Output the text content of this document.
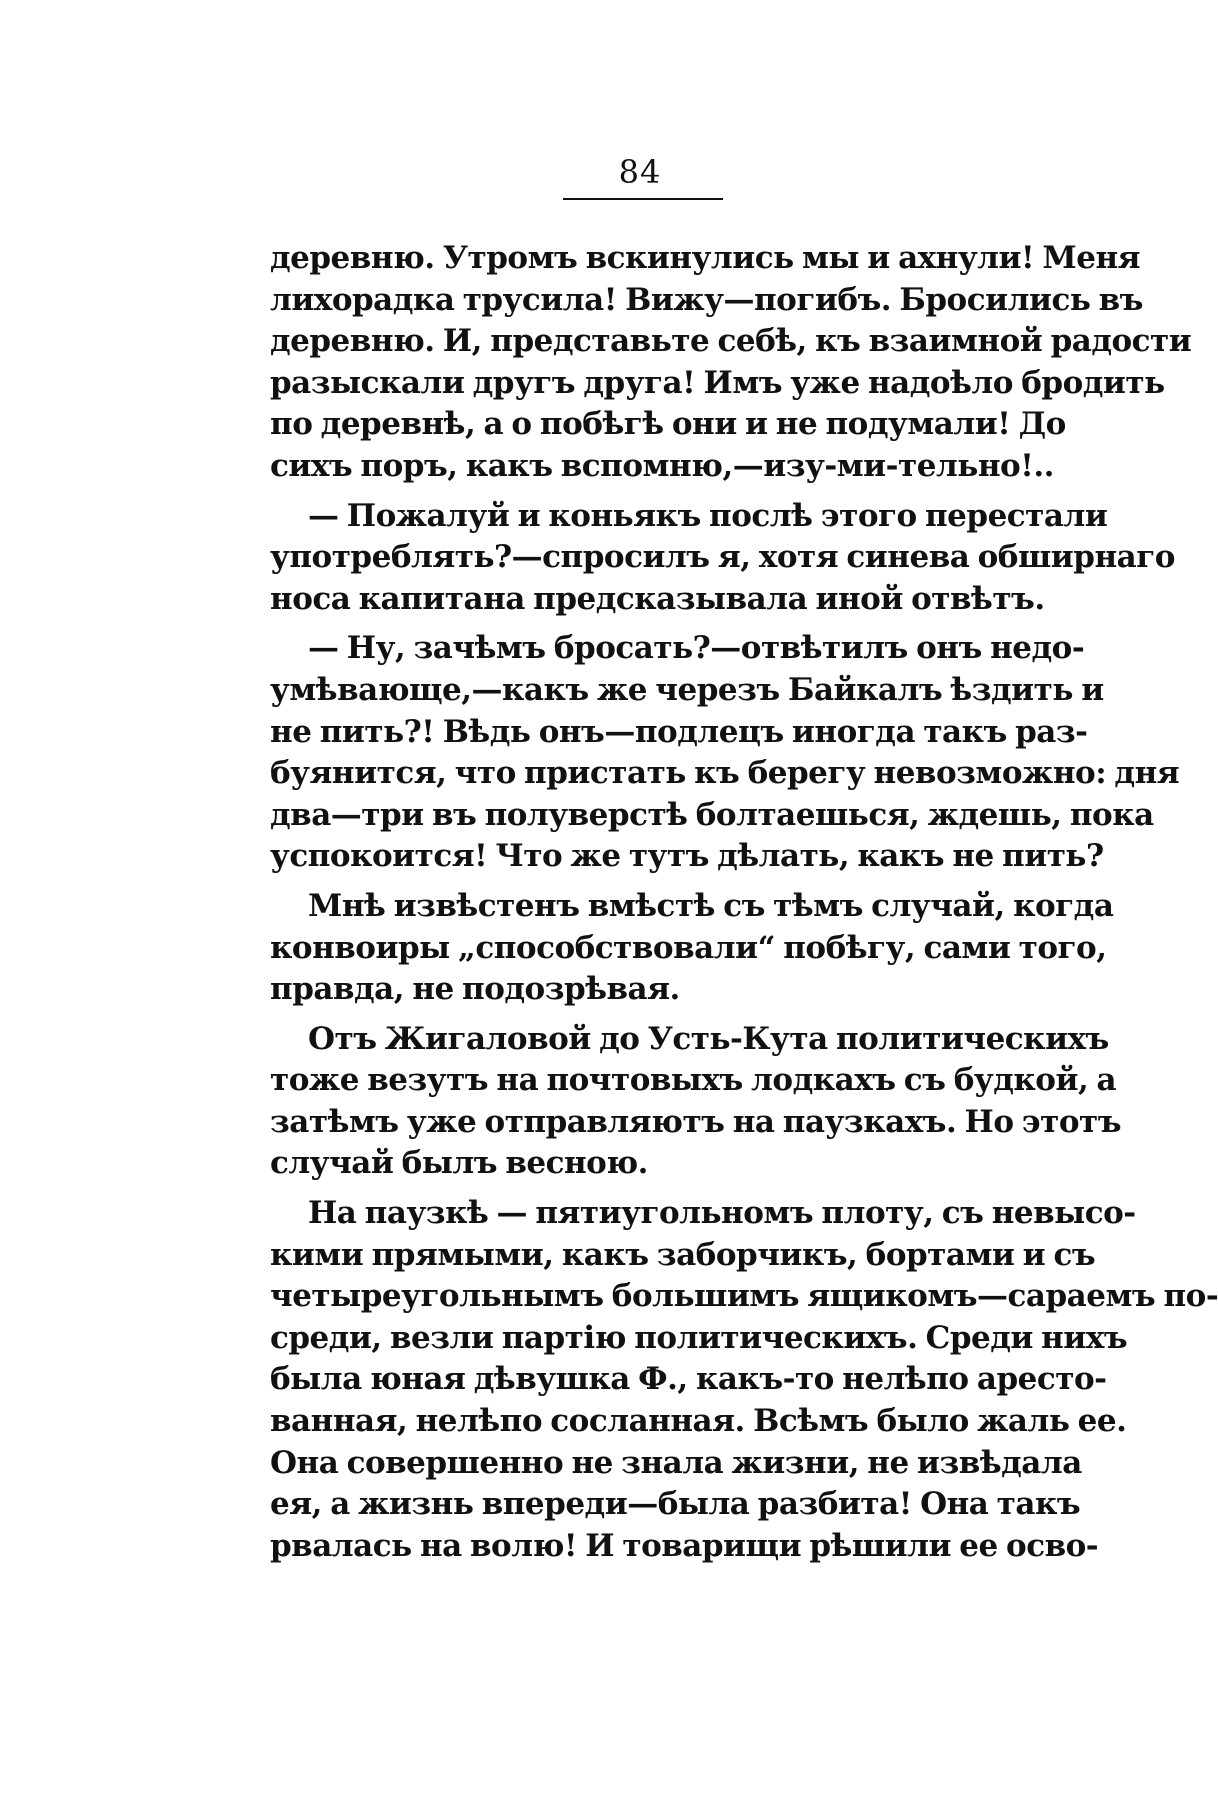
84
деревню. Утромъ вскинулись мы и ахнули! Меня
лихорадка трусила! Вижу—погибъ. Бросились въ
деревню. И, представьте себѣ, къ взаимной радости
разыскали другъ друга! Имъ уже надоѣло бродить
по деревнѣ, а о побѣгѣ они и не подумали! До
сихъ поръ, какъ вспомню,—изу-ми-тельно!..
— Пожалуй и коньякъ послѣ этого перестали
употреблять?—спросилъ я, хотя синева обширнаго
носа капитана предсказывала иной отвѣтъ.
— Ну, зачѣмъ бросать?—отвѣтилъ онъ недо-
умѣвающе,—какъ же черезъ Байкалъ ѣздить и
не пить?! Вѣдь онъ—подлецъ иногда такъ раз-
буянится, что пристать къ берегу невозможно: дня
два—три въ полуверстѣ болтаешься, ждешь, пока
успокоится! Что же тутъ дѣлать, какъ не пить?
Мнѣ извѣстенъ вмѣстѣ съ тѣмъ случай, когда
конвоиры „способствовали“ побѣгу, сами того,
правда, не подозрѣвая.
Отъ Жигаловой до Усть-Кута политическихъ
тоже везутъ на почтовыхъ лодкахъ съ будкой, а
затѣмъ уже отправляютъ на паузкахъ. Но этотъ
случай былъ весною.
На паузкѣ — пятиугольномъ плоту, съ невысо-
кими прямыми, какъ заборчикъ, бортами и съ
четыреугольнымъ большимъ ящикомъ—сараемъ по-
среди, везли партію политическихъ. Среди нихъ
была юная дѣвушка Ф., какъ-то нелѣпо аресто-
ванная, нелѣпо сосланная. Всѣмъ было жаль ее.
Она совершенно не знала жизни, не извѣдала
ея, а жизнь впереди—была разбита! Она такъ
рвалась на волю! И товарищи рѣшили ее осво-
